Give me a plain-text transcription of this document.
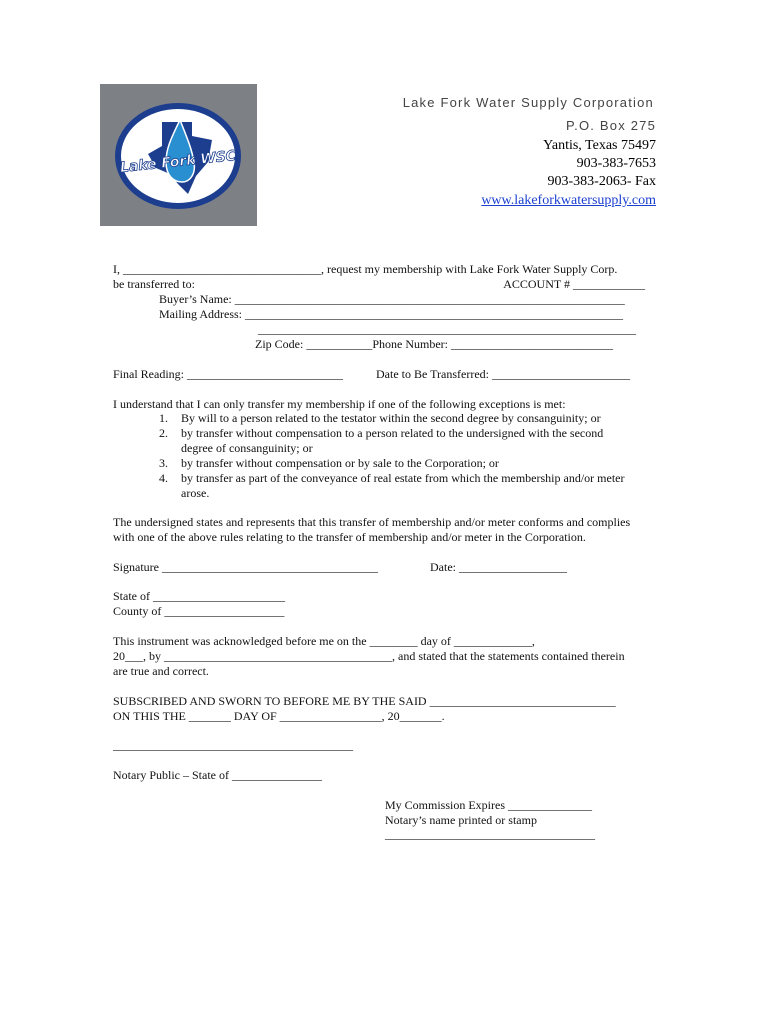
Lake Fork WSC
Lake Fork Water Supply Corporation
P.O. Box 275
Yantis, Texas 75497
903-383-7653
903-383-2063- Fax
www.lakeforkwatersupply.com
I, _________________________________, request my membership with Lake Fork Water Supply Corp.
be transferred to:	ACCOUNT # ____________
Buyer’s Name: _________________________________________________________________
Mailing Address: _______________________________________________________________
_______________________________________________________________
Zip Code: ___________Phone Number: ___________________________
Final Reading: __________________________	Date to Be Transferred: _______________________
I understand that I can only transfer my membership if one of the following exceptions is met:
1. By will to a person related to the testator within the second degree by consanguinity; or
2. by transfer without compensation to a person related to the undersigned with the second
degree of consanguinity; or
3. by transfer without compensation or by sale to the Corporation; or
4. by transfer as part of the conveyance of real estate from which the membership and/or meter
arose.
The undersigned states and represents that this transfer of membership and/or meter conforms and complies
with one of the above rules relating to the transfer of membership and/or meter in the Corporation.
Signature ____________________________________	Date: __________________
State of ______________________
County of ____________________
This instrument was acknowledged before me on the ________ day of _____________,
20___, by ______________________________________, and stated that the statements contained therein
are true and correct.
SUBSCRIBED AND SWORN TO BEFORE ME BY THE SAID _______________________________
ON THIS THE _______ DAY OF _________________, 20_______.
________________________________________
Notary Public – State of _______________
My Commission Expires ______________
Notary’s name printed or stamp
___________________________________
